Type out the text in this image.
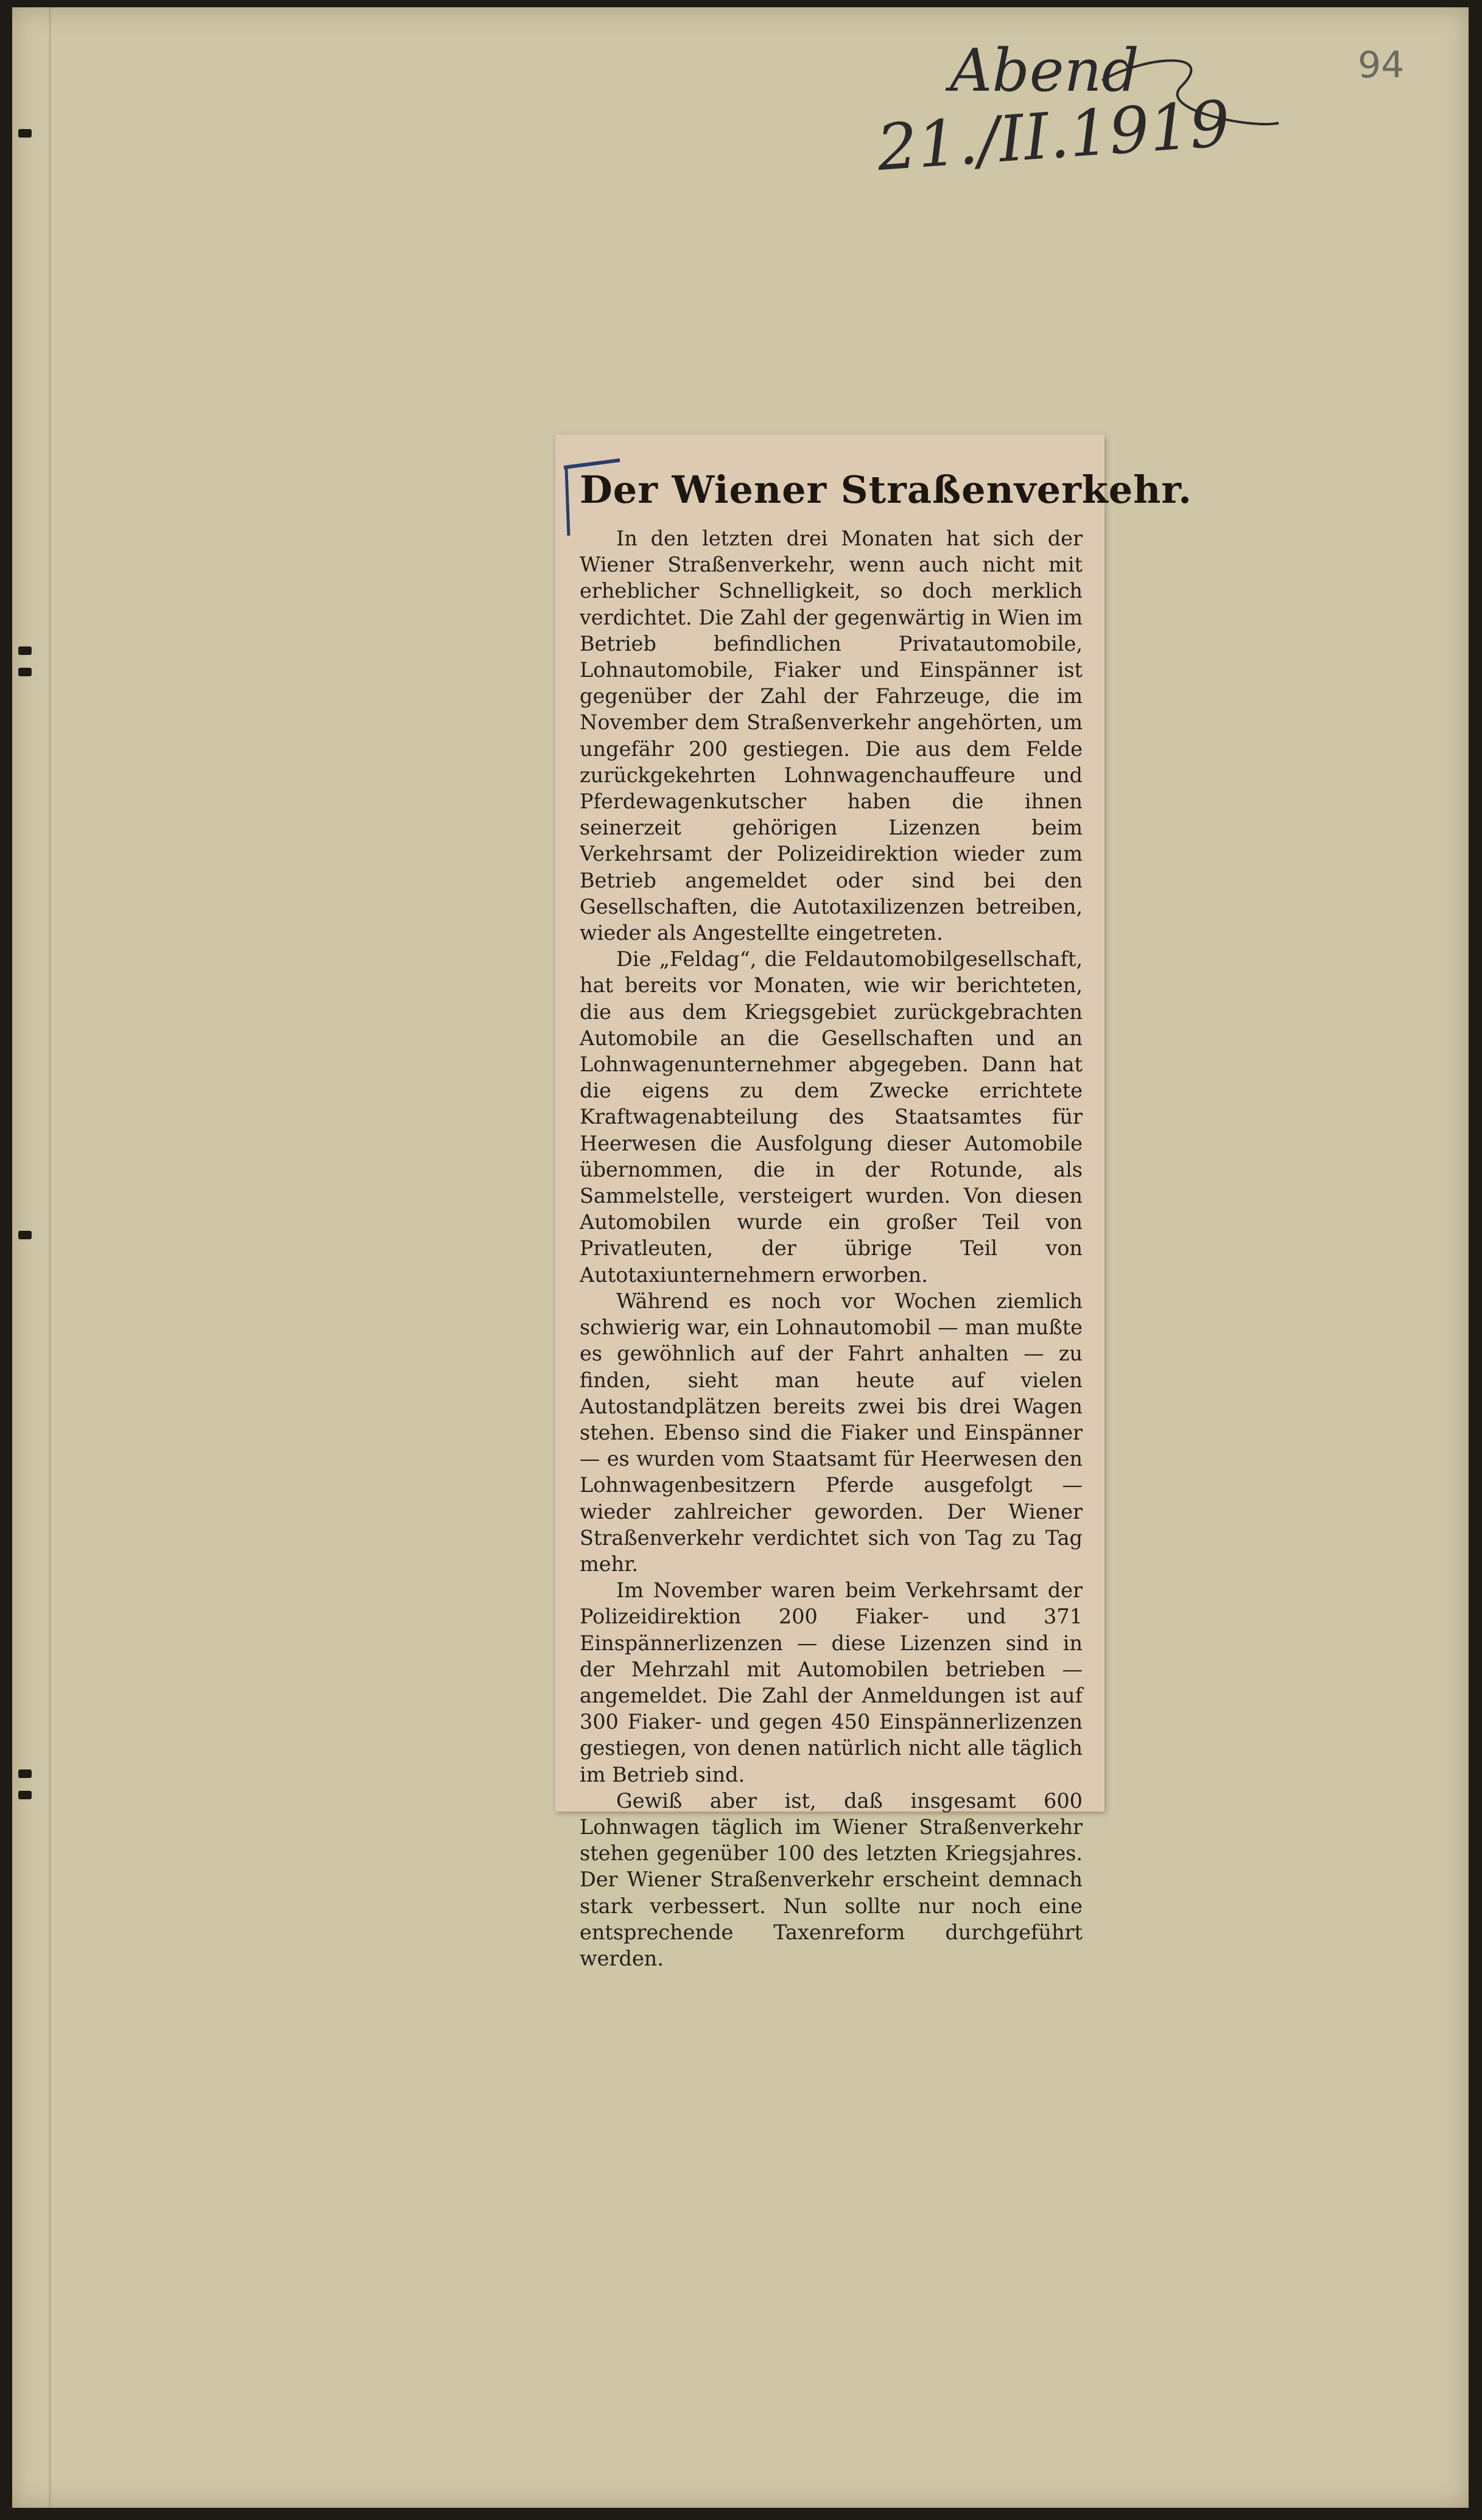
Abend
21./II.1919
94
Der Wiener Straßenverkehr.

In den letzten drei Monaten hat sich der Wiener Straßenverkehr, wenn auch nicht mit erheblicher Schnelligkeit, so doch merklich verdichtet. Die Zahl der gegenwärtig in Wien im Betrieb befindlichen Privatautomobile, Lohnautomobile, Fiaker und Einspänner ist gegenüber der Zahl der Fahrzeuge, die im November dem Straßenverkehr angehörten, um ungefähr 200 gestiegen. Die aus dem Felde zurückgekehrten Lohnwagenchauffeure und Pferdewagenkutscher haben die ihnen seinerzeit gehörigen Lizenzen beim Verkehrsamt der Polizeidirektion wieder zum Betrieb angemeldet oder sind bei den Gesellschaften, die Autotaxilizenzen betreiben, wieder als Angestellte eingetreten.

Die „Feldag“, die Feldautomobilgesellschaft, hat bereits vor Monaten, wie wir berichteten, die aus dem Kriegsgebiet zurückgebrachten Automobile an die Gesellschaften und an Lohnwagenunternehmer abgegeben. Dann hat die eigens zu dem Zwecke errichtete Kraftwagenabteilung des Staatsamtes für Heerwesen die Ausfolgung dieser Automobile übernommen, die in der Rotunde, als Sammelstelle, versteigert wurden. Von diesen Automobilen wurde ein großer Teil von Privatleuten, der übrige Teil von Autotaxiunternehmern erworben.

Während es noch vor Wochen ziemlich schwierig war, ein Lohnautomobil — man mußte es gewöhnlich auf der Fahrt anhalten — zu finden, sieht man heute auf vielen Autostandplätzen bereits zwei bis drei Wagen stehen. Ebenso sind die Fiaker und Einspänner — es wurden vom Staatsamt für Heerwesen den Lohnwagenbesitzern Pferde ausgefolgt — wieder zahlreicher geworden. Der Wiener Straßenverkehr verdichtet sich von Tag zu Tag mehr.

Im November waren beim Verkehrsamt der Polizeidirektion 200 Fiaker- und 371 Einspännerlizenzen — diese Lizenzen sind in der Mehrzahl mit Automobilen betrieben — angemeldet. Die Zahl der Anmeldungen ist auf 300 Fiaker- und gegen 450 Einspännerlizenzen gestiegen, von denen natürlich nicht alle täglich im Betrieb sind.

Gewiß aber ist, daß insgesamt 600 Lohnwagen täglich im Wiener Straßenverkehr stehen gegenüber 100 des letzten Kriegsjahres. Der Wiener Straßenverkehr erscheint demnach stark verbessert. Nun sollte nur noch eine entsprechende Taxenreform durchgeführt werden.
